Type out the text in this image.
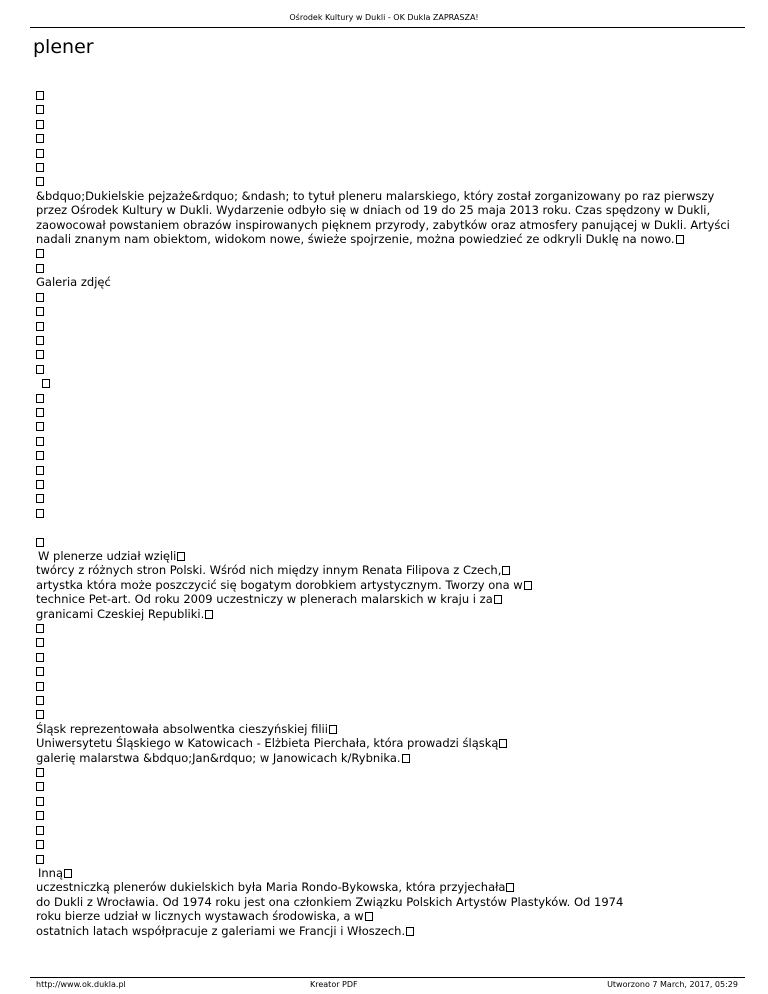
Ośrodek Kultury w Dukli - OK Dukla ZAPRASZA!
plener
&bdquo;Dukielskie pejzaże&rdquo; &ndash; to tytuł pleneru malarskiego, który został zorganizowany po raz pierwszy przez Ośrodek Kultury w Dukli. Wydarzenie odbyło się w dniach od 19 do 25 maja 2013 roku. Czas spędzony w Dukli, zaowocował powstaniem obrazów inspirowanych pięknem przyrody, zabytków oraz atmosfery panującej w Dukli. Artyści nadali znanym nam obiektom, widokom nowe, świeże spojrzenie, można powiedzieć ze odkryli Duklę na nowo.
Galeria zdjęć
W plenerze udział wzięli
twórcy z różnych stron Polski. Wśród nich między innym Renata Filipova z Czech,
artystka która może poszczycić się bogatym dorobkiem artystycznym. Tworzy ona w
technice Pet-art. Od roku 2009 uczestniczy w plenerach malarskich w kraju i za
granicami Czeskiej Republiki.
Śląsk reprezentowała absolwentka cieszyńskiej filii
Uniwersytetu Śląskiego w Katowicach - Elżbieta Pierchała, która prowadzi śląską
galerię malarstwa &bdquo;Jan&rdquo; w Janowicach k/Rybnika.
Inną
uczestniczką plenerów dukielskich była Maria Rondo-Bykowska, która przyjechała
do Dukli z Wrocławia. Od 1974 roku jest ona członkiem Związku Polskich Artystów Plastyków. Od 1974
roku bierze udział w licznych wystawach środowiska, a w
ostatnich latach współpracuje z galeriami we Francji i Włoszech.
http://www.ok.dukla.pl	Kreator PDF	Utworzono 7 March, 2017, 05:29
